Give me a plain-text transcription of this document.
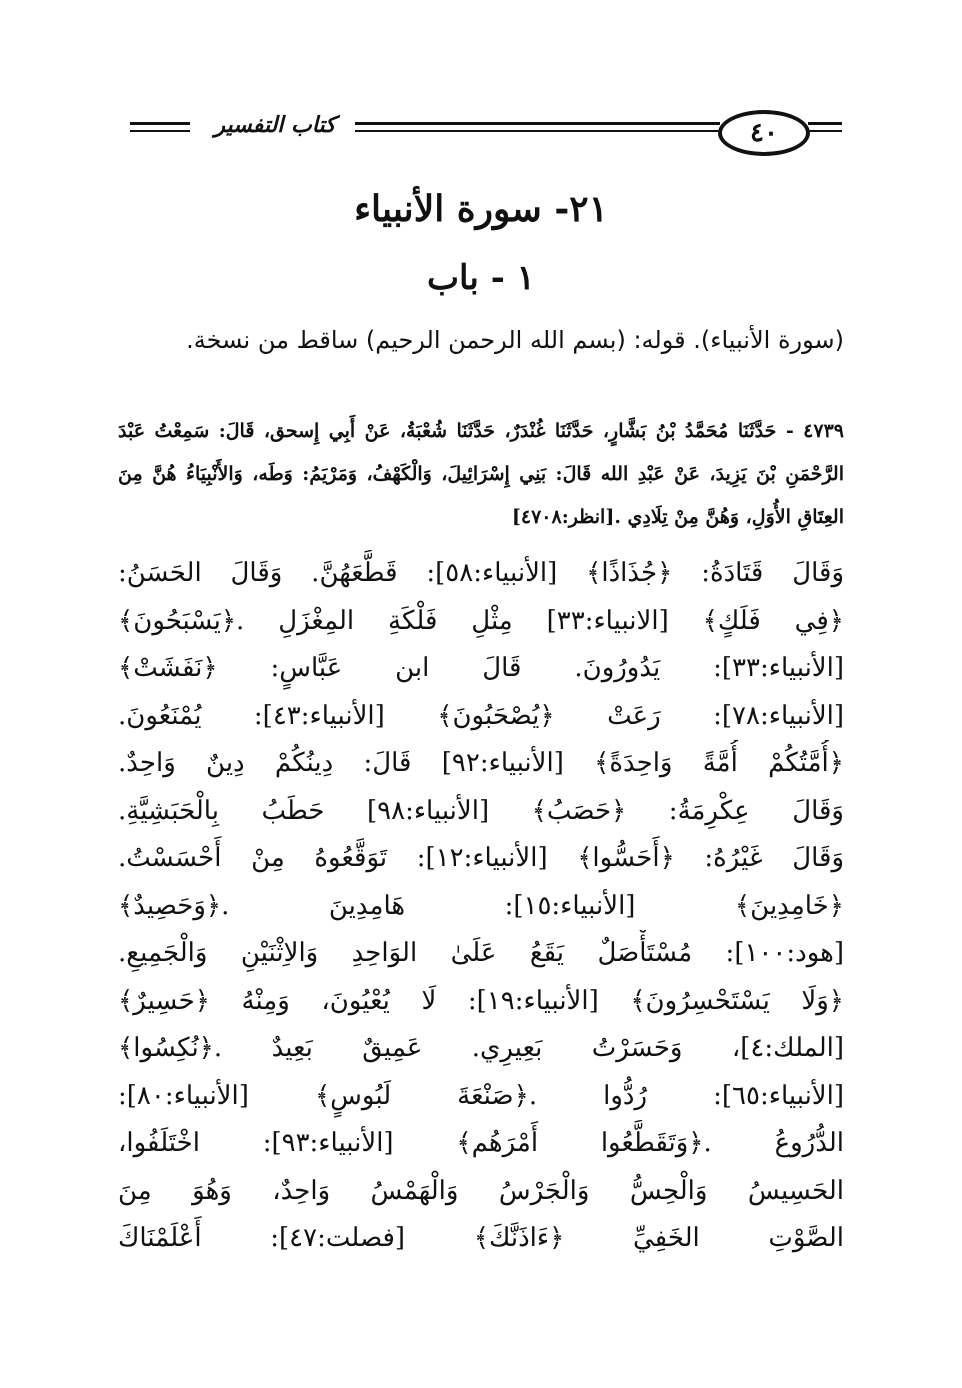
كتاب التفسير	٤٠
٢١- سورة الأنبياء
١ - باب
(سورة الأنبياء). قوله: (بسم الله الرحمن الرحيم) ساقط من نسخة.
٤٧٣٩ - حَدَّثَنَا مُحَمَّدُ بْنُ بَشَّارٍ، حَدَّثَنَا غُنْدَرٌ، حَدَّثَنَا شُعْبَةُ، عَنْ أَبِي إِسحق، قَالَ: سَمِعْتُ عَبْدَ الرَّحْمَنِ بْنَ يَزِيدَ، عَنْ عَبْدِ الله قَالَ: بَنِي إِسْرَائِيلَ، وَالْكَهْفُ، وَمَرْيَمُ: وَطَه، وَالأَنْبِيَاءُ هُنَّ مِنَ العِتَاقِ الأُوَلِ، وَهُنَّ مِنْ تِلَادِي .[انظر:٤٧٠٨]
وَقَالَ قَتَادَةُ: ﴿جُذَاذًا﴾ [الأنبياء:٥٨]: قَطَّعَهُنَّ. وَقَالَ الحَسَنُ:
﴿فِي فَلَكٍ﴾ [الانبياء:٣٣] مِثْلِ فَلْكَةِ المِغْزَلِ .﴿يَسْبَحُونَ﴾
[الأنبياء:٣٣]: يَدُورُونَ. قَالَ ابن عَبَّاسٍ: ﴿نَفَشَتْ﴾
[الأنبياء:٧٨]: رَعَتْ ﴿يُصْحَبُونَ﴾ [الأنبياء:٤٣]: يُمْنَعُونَ.
﴿أُمَّتُكُمْ أُمَّةً وَاحِدَةً﴾ [الأنبياء:٩٢] قَالَ: دِينُكُمْ دِينٌ وَاحِدٌ.
وَقَالَ عِكْرِمَةُ: ﴿حَصَبُ﴾ [الأنبياء:٩٨] حَطَبُ بِالْحَبَشِيَّةِ.
وَقَالَ غَيْرُهُ: ﴿أَحَسُّوا﴾ [الأنبياء:١٢]: تَوَقَّعُوهُ مِنْ أَحْسَسْتُ.
﴿خَامِدِينَ﴾ [الأنبياء:١٥]: هَامِدِينَ .﴿وَحَصِيدٌ﴾
[هود:١٠٠]: مُسْتَأْصَلٌ يَقَعُ عَلَىٰ الوَاحِدِ وَالاِثْنَيْنِ وَالْجَمِيعِ.
﴿وَلَا يَسْتَحْسِرُونَ﴾ [الأنبياء:١٩]: لَا يُعْيُونَ، وَمِنْهُ ﴿حَسِيرٌ﴾
[الملك:٤]، وَحَسَرْتُ بَعِيرِي. عَمِيقٌ بَعِيدٌ .﴿نُكِسُوا﴾
[الأنبياء:٦٥]: رُدُّوا .﴿صَنْعَةَ لَبُوسٍ﴾ [الأنبياء:٨٠]:
الدُّرُوعُ .﴿وَتَقَطَّعُوا أَمْرَهُم﴾ [الأنبياء:٩٣]: اخْتَلَفُوا،
الحَسِيسُ وَالْحِسُّ وَالْجَرْسُ وَالْهَمْسُ وَاحِدٌ، وَهُوَ مِنَ
الصَّوْتِ الخَفِيِّ ﴿ءَاذَنَّكَ﴾ [فصلت:٤٧]: أَعْلَمْنَاكَ
